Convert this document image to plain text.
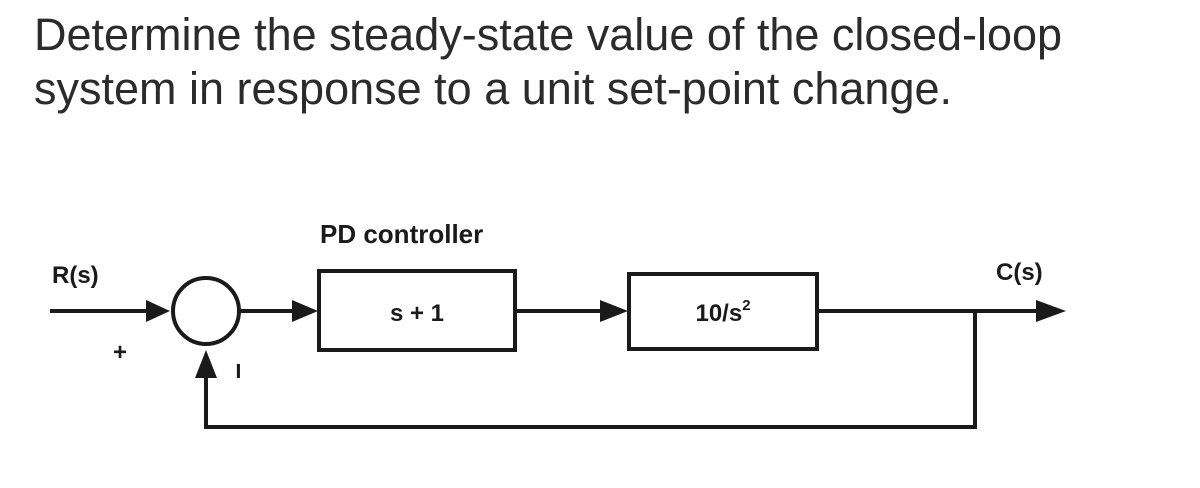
Determine the steady-state value of the closed-loop
system in response to a unit set-point change.

R(s)	C(s)
PD controller
s + 1	$10/s^2$
+
−
